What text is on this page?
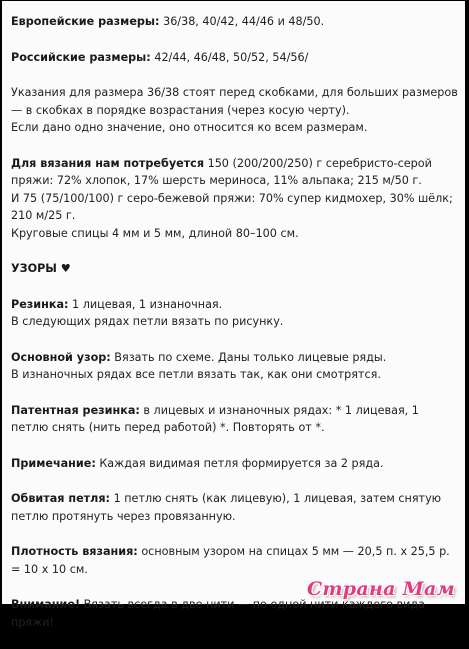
Европейские размеры: 36/38, 40/42, 44/46 и 48/50.

Российские размеры: 42/44, 46/48, 50/52, 54/56/

Указания для размера 36/38 стоят перед скобками, для больших размеров — в скобках в порядке возрастания (через косую черту).
Если дано одно значение, оно относится ко всем размерам.

Для вязания нам потребуется 150 (200/200/250) г серебристо-серой пряжи: 72% хлопок, 17% шерсть мериноса, 11% альпака; 215 м/50 г.
И 75 (75/100/100) г серо-бежевой пряжи: 70% супер кидмохер, 30% шёлк; 210 м/25 г.
Круговые спицы 4 мм и 5 мм, длиной 80–100 см.

УЗОРЫ ♥

Резинка: 1 лицевая, 1 изнаночная.
В следующих рядах петли вязать по рисунку.

Основной узор: Вязать по схеме. Даны только лицевые ряды.
В изнаночных рядах все петли вязать так, как они смотрятся.

Патентная резинка: в лицевых и изнаночных рядах: * 1 лицевая, 1 петлю снять (нить перед работой) *. Повторять от *.

Примечание: Каждая видимая петля формируется за 2 ряда.

Обвитая петля: 1 петлю снять (как лицевую), 1 лицевая, затем снятую петлю протянуть через провязанную.

Плотность вязания: основным узором на спицах 5 мм — 20,5 п. х 25,5 р. = 10 х 10 см.

Внимание! Вязать всегда в две нити — по одной нити каждого вида пряжи!

Страна Мам
